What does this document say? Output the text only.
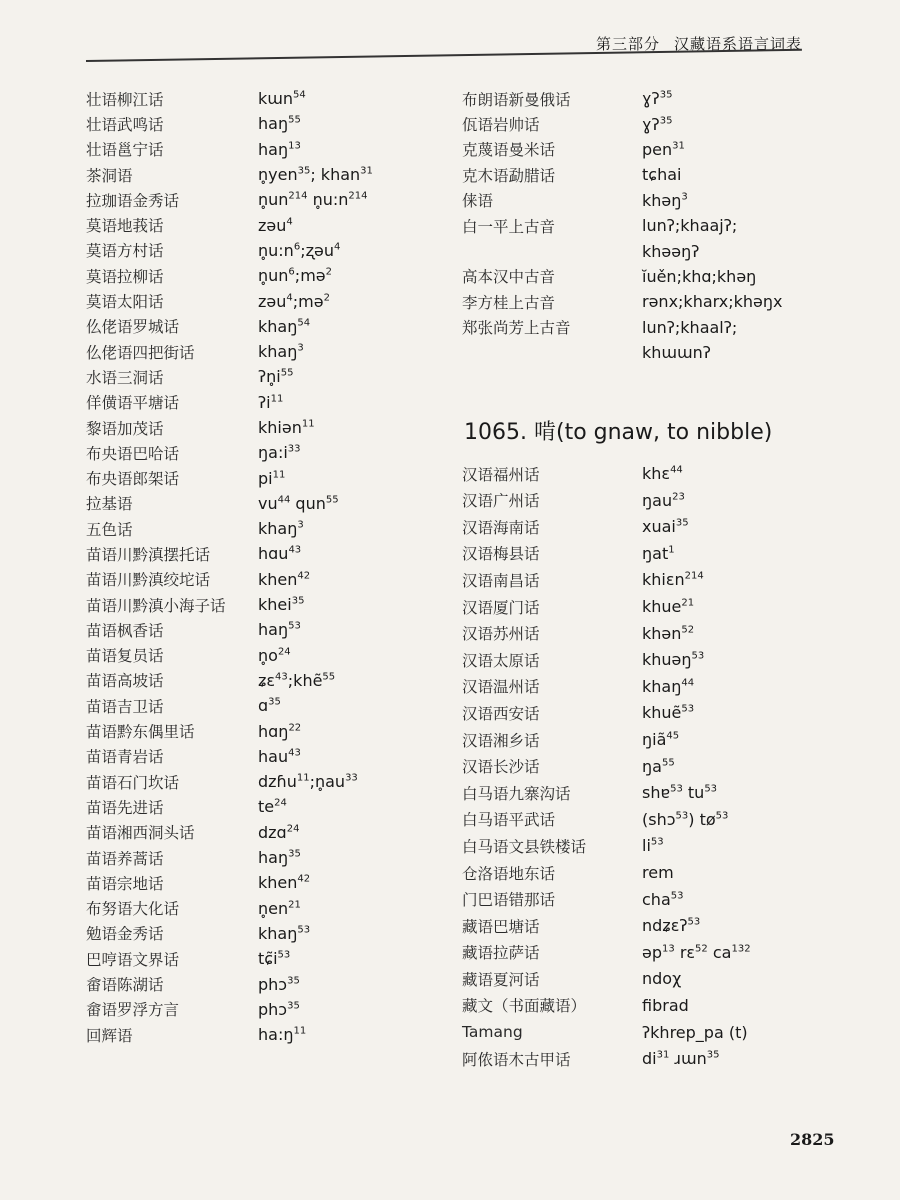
第三部分 汉藏语系语言词表
壮语柳江话	kɯn$^{54}$
壮语武鸣话	haŋ$^{55}$
壮语邕宁话	haŋ$^{13}$
茶洞语	n̥yen$^{35}$; khan$^{31}$
拉珈语金秀话	$n̥un^{214}$ $n̥u:n^{214}$
莫语地莪话	zəu$^4$
莫语方村话	$n̥u:n^6;ʐəu^4$
莫语拉柳话	$n̥un^6;mə^2$
莫语太阳话	zəu$^4$;mə$^2$
仫佬语罗城话	khaŋ$^{54}$
仫佬语四把街话	khaŋ$^3$
水语三洞话	$ʔn̥i^{55}$
佯僙语平塘话	ʔi$^{11}$
黎语加茂话	khiən$^{11}$
布央语巴哈话	$ŋa:i^{33}$
布央语郎架话	$pi^{11}$
拉基语	$vu^{44}$ qun$^{55}$
五色话	khaŋ$^3$
苗语川黔滇摆托话	hɑu$^{43}$
苗语川黔滇绞坨话	khen$^{42}$
苗语川黔滇小海子话	khei$^{35}$
苗语枫香话	haŋ$^{53}$
苗语复员话	$n̥o^{24}$
苗语高坡话	ʑɛ$^{43}$;khẽ$^{55}$
苗语吉卫话	ɑ$^{35}$
苗语黔东偶里话	hɑŋ$^{22}$
苗语青岩话	hau$^{43}$
苗语石门坎话	$dzɦu^{11};n̥au^{33}$
苗语先进话	$te^{24}$
苗语湘西洞头话	dzɑ$^{24}$
苗语养蒿话	haŋ$^{35}$
苗语宗地话	khen$^{42}$
布努语大化话	$n̥en^{21}$
勉语金秀话	khaŋ$^{53}$
巴哼语文界话	$tɕ̃i^{53}$
畲语陈湖话	phɔ$^{35}$
畲语罗浮方言	phɔ$^{35}$
回辉语	$ha:ŋ^{11}$
布朗语新曼俄话	ɣʔ$^{35}$
佤语岩帅话	ɣʔ$^{35}$
克蔑语曼米话	pen$^{31}$
克木语勐腊话	tɕhai
俫语	khəŋ$^3$
白一平上古音	lunʔ;khaajʔ;
khəəŋʔ
高本汉中古音	ĭuěn;khɑ;khəŋ
李方桂上古音	rənx;kharx;khəŋx
郑张尚芳上古音	lunʔ;khaalʔ;
khɯɯnʔ
1065. 啃(to gnaw, to nibble)
汉语福州话	khɛ$^{44}$
汉语广州话	ŋau$^{23}$
汉语海南话	xuai$^{35}$
汉语梅县话	ŋat$^1$
汉语南昌话	khiɛn$^{214}$
汉语厦门话	khue$^{21}$
汉语苏州话	khən$^{52}$
汉语太原话	khuəŋ$^{53}$
汉语温州话	khaŋ$^{44}$
汉语西安话	khuẽ$^{53}$
汉语湘乡话	ŋiã$^{45}$
汉语长沙话	$ŋa^{55}$
白马语九寨沟话	shɐ$^{53}$ $tu^{53}$
白马语平武话	(shɔ$^{53}$) $tø^{53}$
白马语文县铁楼话	$li^{53}$
仓洛语地东话	rem
门巴语错那话	cha$^{53}$
藏语巴塘话	ndʑɛʔ$^{53}$
藏语拉萨话	əp$^{13}$ rɛ$^{52}$ $ca^{132}$
藏语夏河话	ndoχ
藏文（书面藏语）	fibrad
Tamang	ʔkhrep_pa (t)
阿侬语木古甲话	$di^{31}$ ɹɯn$^{35}$
2825
